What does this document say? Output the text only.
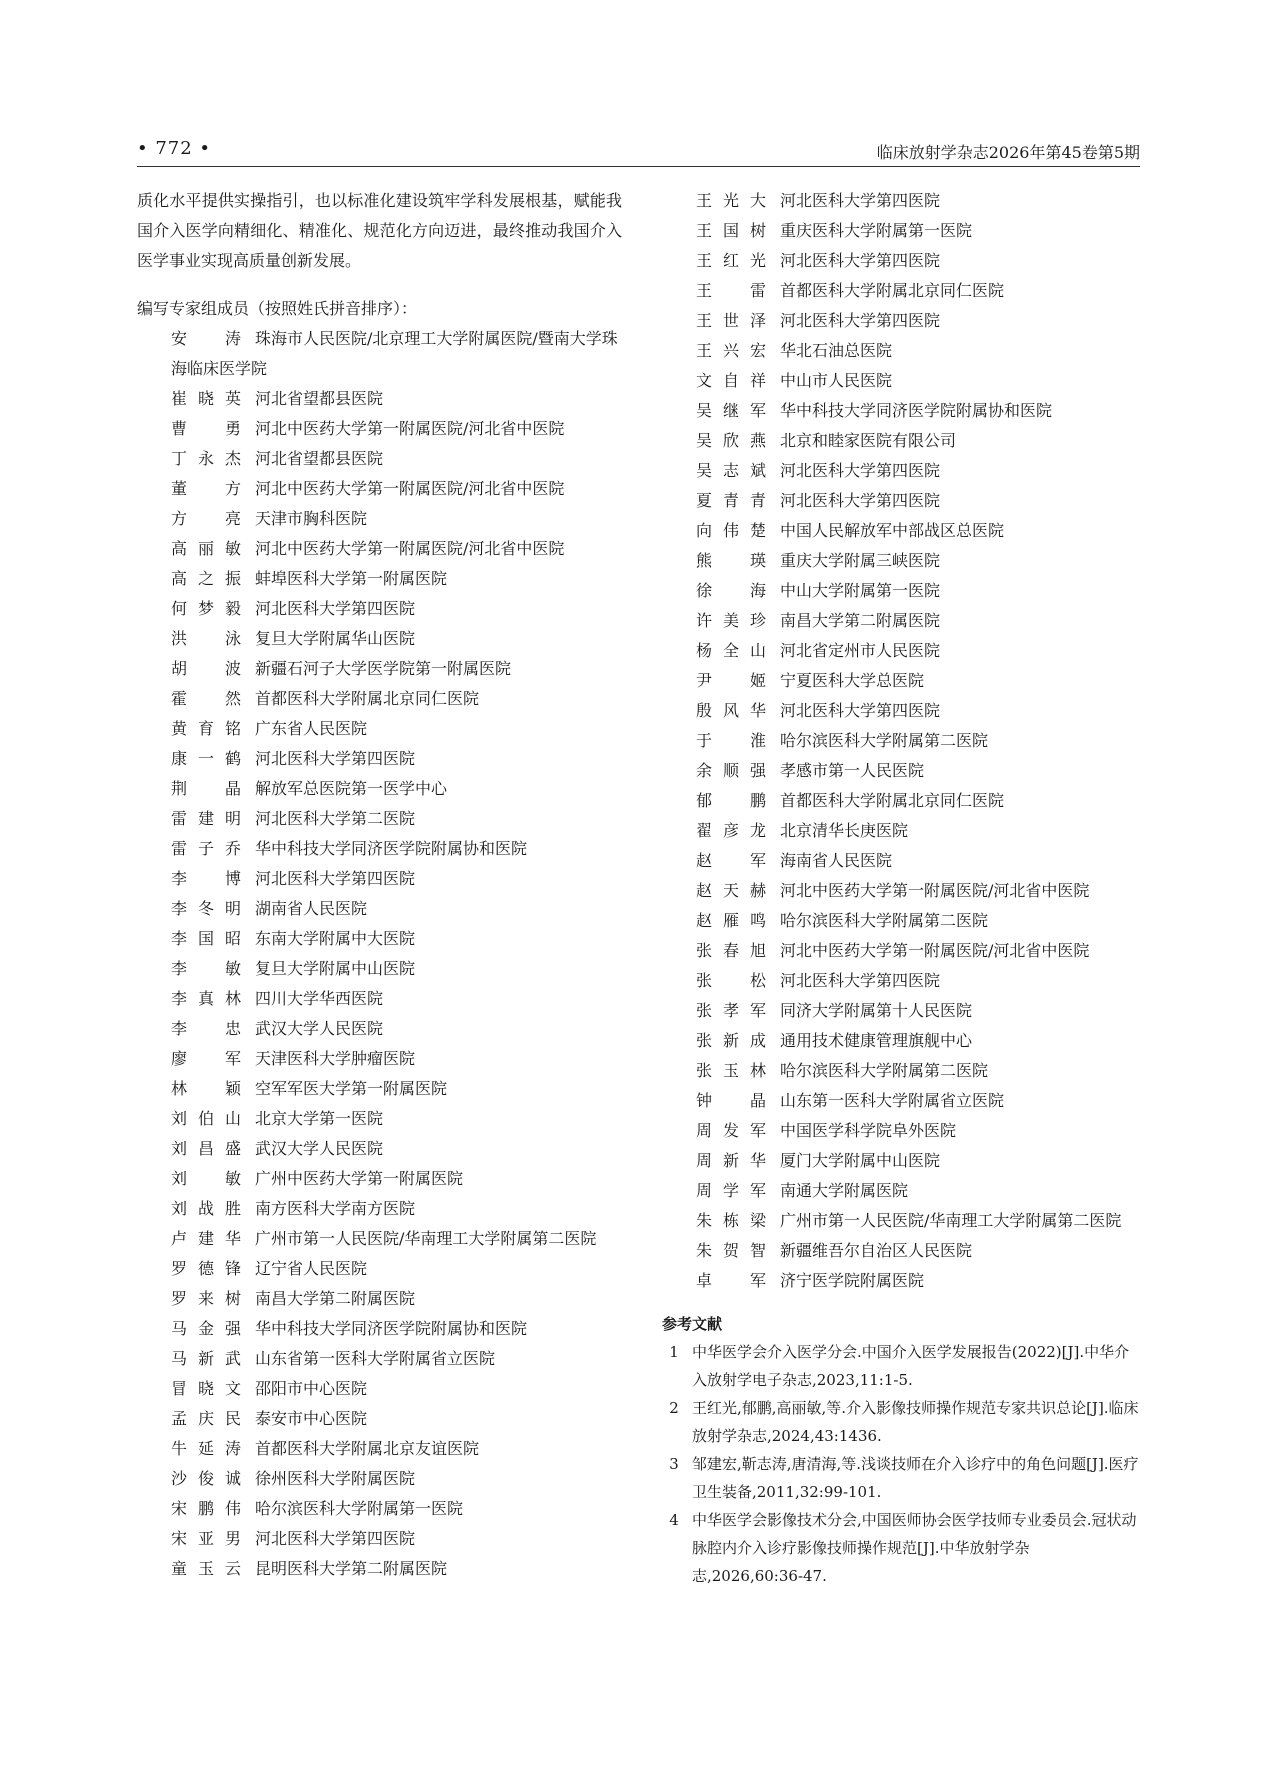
• 772 •	临床放射学杂志2026年第45卷第5期

质化水平提供实操指引，也以标准化建设筑牢学科发展根基，赋能我国介入医学向精细化、精准化、规范化方向迈进，最终推动我国介入医学事业实现高质量创新发展。

编写专家组成员（按照姓氏拼音排序）：
安涛 珠海市人民医院/北京理工大学附属医院/暨南大学珠海临床医学院
崔晓英 河北省望都县医院
曹勇 河北中医药大学第一附属医院/河北省中医院
丁永杰 河北省望都县医院
董方 河北中医药大学第一附属医院/河北省中医院
方亮 天津市胸科医院
高丽敏 河北中医药大学第一附属医院/河北省中医院
高之振 蚌埠医科大学第一附属医院
何梦毅 河北医科大学第四医院
洪泳 复旦大学附属华山医院
胡波 新疆石河子大学医学院第一附属医院
霍然 首都医科大学附属北京同仁医院
黄育铭 广东省人民医院
康一鹤 河北医科大学第四医院
荆晶 解放军总医院第一医学中心
雷建明 河北医科大学第二医院
雷子乔 华中科技大学同济医学院附属协和医院
李博 河北医科大学第四医院
李冬明 湖南省人民医院
李国昭 东南大学附属中大医院
李敏 复旦大学附属中山医院
李真林 四川大学华西医院
李忠 武汉大学人民医院
廖军 天津医科大学肿瘤医院
林颖 空军军医大学第一附属医院
刘伯山 北京大学第一医院
刘昌盛 武汉大学人民医院
刘敏 广州中医药大学第一附属医院
刘战胜 南方医科大学南方医院
卢建华 广州市第一人民医院/华南理工大学附属第二医院
罗德锋 辽宁省人民医院
罗来树 南昌大学第二附属医院
马金强 华中科技大学同济医学院附属协和医院
马新武 山东省第一医科大学附属省立医院
冒晓文 邵阳市中心医院
孟庆民 泰安市中心医院
牛延涛 首都医科大学附属北京友谊医院
沙俊诚 徐州医科大学附属医院
宋鹏伟 哈尔滨医科大学附属第一医院
宋亚男 河北医科大学第四医院
童玉云 昆明医科大学第二附属医院
王光大 河北医科大学第四医院
王国树 重庆医科大学附属第一医院
王红光 河北医科大学第四医院
王雷 首都医科大学附属北京同仁医院
王世泽 河北医科大学第四医院
王兴宏 华北石油总医院
文自祥 中山市人民医院
吴继军 华中科技大学同济医学院附属协和医院
吴欣燕 北京和睦家医院有限公司
吴志斌 河北医科大学第四医院
夏青青 河北医科大学第四医院
向伟楚 中国人民解放军中部战区总医院
熊瑛 重庆大学附属三峡医院
徐海 中山大学附属第一医院
许美珍 南昌大学第二附属医院
杨全山 河北省定州市人民医院
尹姬 宁夏医科大学总医院
殷风华 河北医科大学第四医院
于淮 哈尔滨医科大学附属第二医院
余顺强 孝感市第一人民医院
郁鹏 首都医科大学附属北京同仁医院
翟彦龙 北京清华长庚医院
赵军 海南省人民医院
赵天赫 河北中医药大学第一附属医院/河北省中医院
赵雁鸣 哈尔滨医科大学附属第二医院
张春旭 河北中医药大学第一附属医院/河北省中医院
张松 河北医科大学第四医院
张孝军 同济大学附属第十人民医院
张新成 通用技术健康管理旗舰中心
张玉林 哈尔滨医科大学附属第二医院
钟晶 山东第一医科大学附属省立医院
周发军 中国医学科学院阜外医院
周新华 厦门大学附属中山医院
周学军 南通大学附属医院
朱栋梁 广州市第一人民医院/华南理工大学附属第二医院
朱贺智 新疆维吾尔自治区人民医院
卓军 济宁医学院附属医院
参考文献
1 中华医学会介入医学分会.中国介入医学发展报告(2022)[J].中华介入放射学电子杂志,2023,11:1-5.
2 王红光,郁鹏,高丽敏,等.介入影像技师操作规范专家共识总论[J].临床放射学杂志,2024,43:1436.
3 邹建宏,靳志涛,唐清海,等.浅谈技师在介入诊疗中的角色问题[J].医疗卫生装备,2011,32:99-101.
4 中华医学会影像技术分会,中国医师协会医学技师专业委员会.冠状动脉腔内介入诊疗影像技师操作规范[J].中华放射学杂志,2026,60:36-47.
